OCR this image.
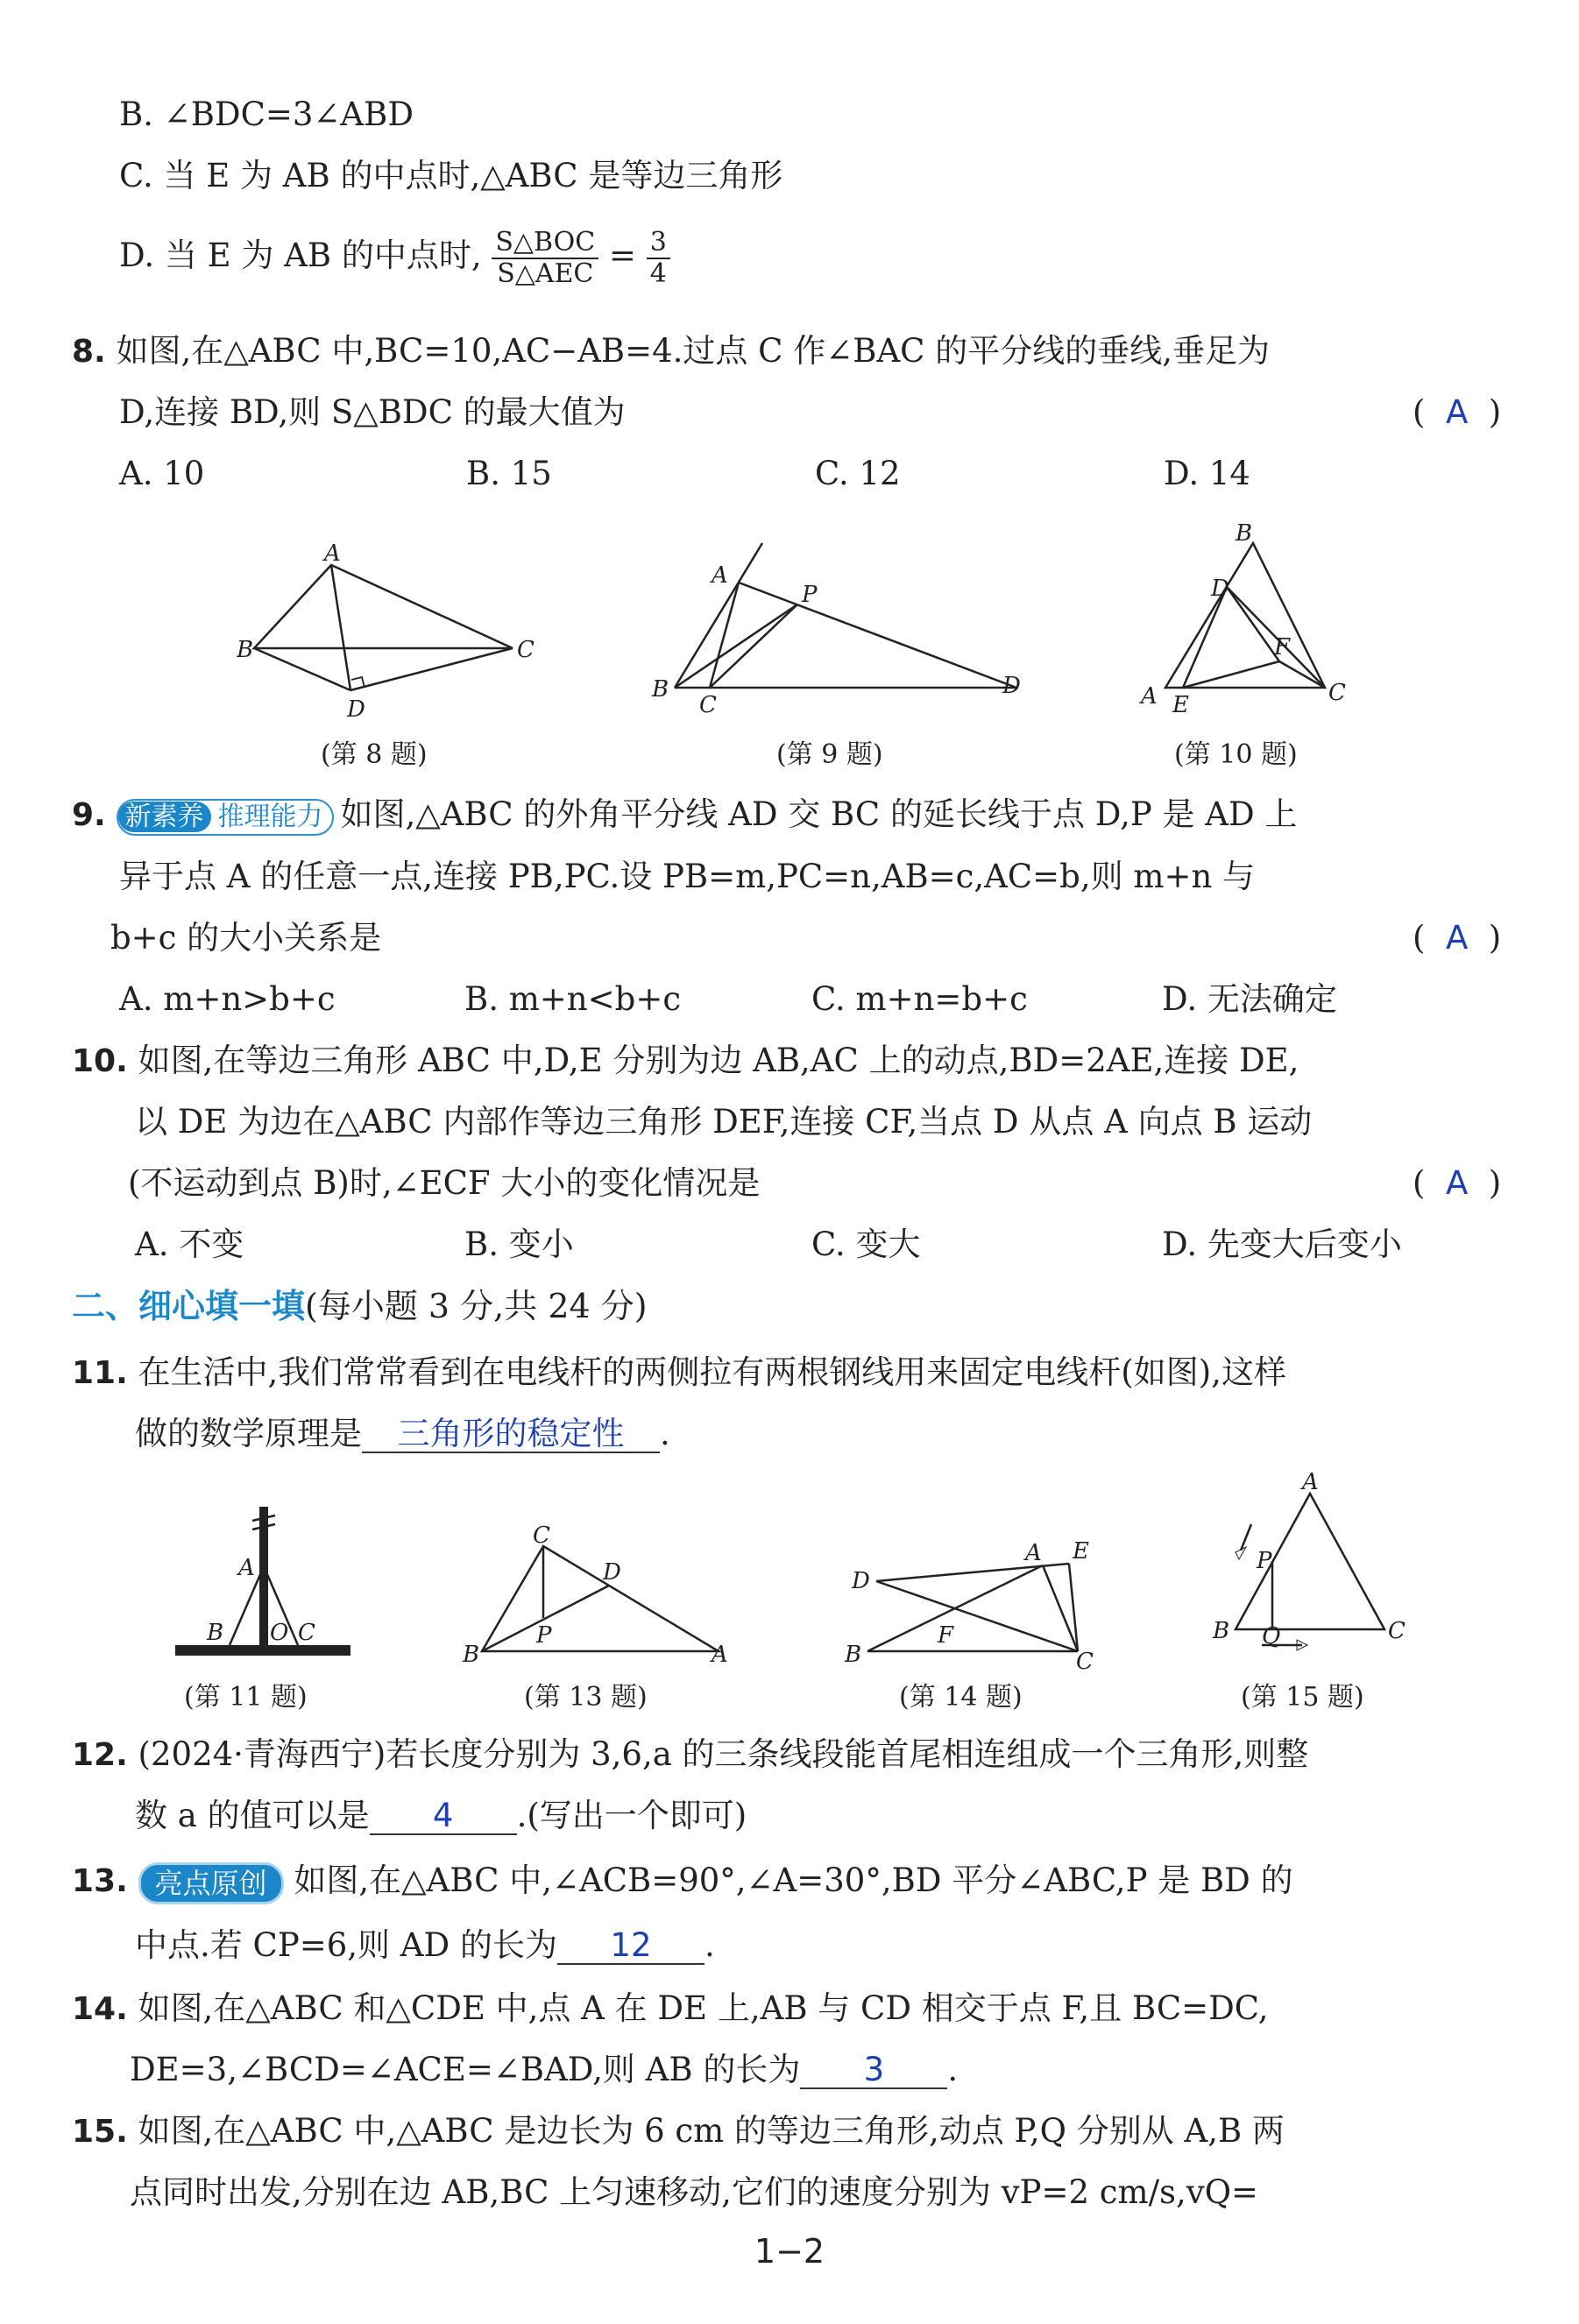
B. ∠BDC=3∠ABD
C. 当 E 为 AB 的中点时,△ABC 是等边三角形
D. 当 E 为 AB 的中点时, $\frac{\text{S△BOC}}{\text{S△AEC}} = \frac{3}{4}$
8. 如图,在△ABC 中,BC=10,AC−AB=4.过点 C 作∠BAC 的平分线的垂线,垂足为
D,连接 BD,则 S△BDC 的最大值为	(  A  )
A. 10	B. 15	C. 12	D. 14
A
B	C
D
(第 8 题)
A
P
B
C
D
(第 9 题)
B
D
F
A E	C
(第 10 题)
9. 新素养 推理能力 如图,△ABC 的外角平分线 AD 交 BC 的延长线于点 D,P 是 AD 上
异于点 A 的任意一点,连接 PB,PC.设 PB=m,PC=n,AB=c,AC=b,则 m+n 与
b+c 的大小关系是	(  A  )
A. m+n>b+c	B. m+n<b+c	C. m+n=b+c	D. 无法确定
10. 如图,在等边三角形 ABC 中,D,E 分别为边 AB,AC 上的动点,BD=2AE,连接 DE,
以 DE 为边在△ABC 内部作等边三角形 DEF,连接 CF,当点 D 从点 A 向点 B 运动
(不运动到点 B)时,∠ECF 大小的变化情况是	(  A  )
A. 不变	B. 变小	C. 变大	D. 先变大后变小
二、细心填一填(每小题 3 分,共 24 分)
11. 在生活中,我们常常看到在电线杆的两侧拉有两根钢线用来固定电线杆(如图),这样
做的数学原理是 三角形的稳定性 .
A
B O C
(第 11 题)
C
D
P
B	A
(第 13 题)
D
A E
F
B	C
(第 14 题)
A
P
B Q	C
(第 15 题)
12. (2024·青海西宁)若长度分别为 3,6,a 的三条线段能首尾相连组成一个三角形,则整
数 a 的值可以是 4 .(写出一个即可)
13. 亮点原创 如图,在△ABC 中,∠ACB=90°,∠A=30°,BD 平分∠ABC,P 是 BD 的
中点.若 CP=6,则 AD 的长为 12 .
14. 如图,在△ABC 和△CDE 中,点 A 在 DE 上,AB 与 CD 相交于点 F,且 BC=DC,
DE=3,∠BCD=∠ACE=∠BAD,则 AB 的长为 3 .
15. 如图,在△ABC 中,△ABC 是边长为 6 cm 的等边三角形,动点 P,Q 分别从 A,B 两
点同时出发,分别在边 AB,BC 上匀速移动,它们的速度分别为 vP=2 cm/s,vQ=
1−2
